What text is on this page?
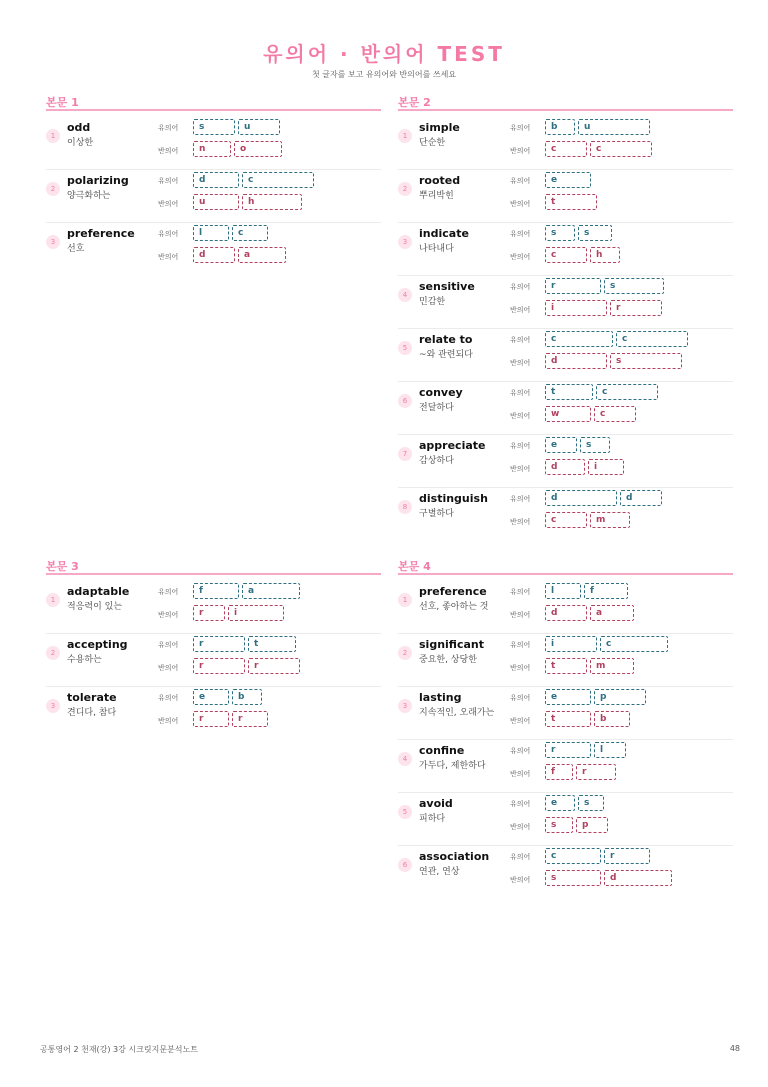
유의어 · 반의어 TEST
첫 글자를 보고 유의어와 반의어를 쓰세요
본문 1
1
odd
이상한
유의어
반의어
s	u
n	o
2
polarizing
양극화하는
유의어
반의어
d	c
u	h
3
preference
선호
유의어
반의어
l	c
d	a
본문 2
1
simple
단순한
유의어
반의어
b	u
c	c
2
rooted
뿌리박힌
유의어
반의어
e
t
3
indicate
나타내다
유의어
반의어
s	s
c	h
4
sensitive
민감한
유의어
반의어
r	s
i	r
5
relate to
~와 관련되다
유의어
반의어
c	c
d	s
6
convey
전달하다
유의어
반의어
t	c
w	c
7
appreciate
감상하다
유의어
반의어
e	s
d	i
8
distinguish
구별하다
유의어
반의어
d	d
c	m
본문 3
1
adaptable
적응력이 있는
유의어
반의어
f	a
r	i
2
accepting
수용하는
유의어
반의어
r	t
r	r
3
tolerate
견디다, 참다
유의어
반의어
e	b
r	r
본문 4
1
preference
선호, 좋아하는 것
유의어
반의어
l	f
d	a
2
significant
중요한, 상당한
유의어
반의어
i	c
t	m
3
lasting
지속적인, 오래가는
유의어
반의어
e	p
t	b
4
confine
가두다, 제한하다
유의어
반의어
r	l
f	r
5
avoid
피하다
유의어
반의어
e	s
s	p
6
association
연관, 연상
유의어
반의어
c	r
s	d
공통영어 2 천재(강) 3강 시크릿지문분석노트	48
